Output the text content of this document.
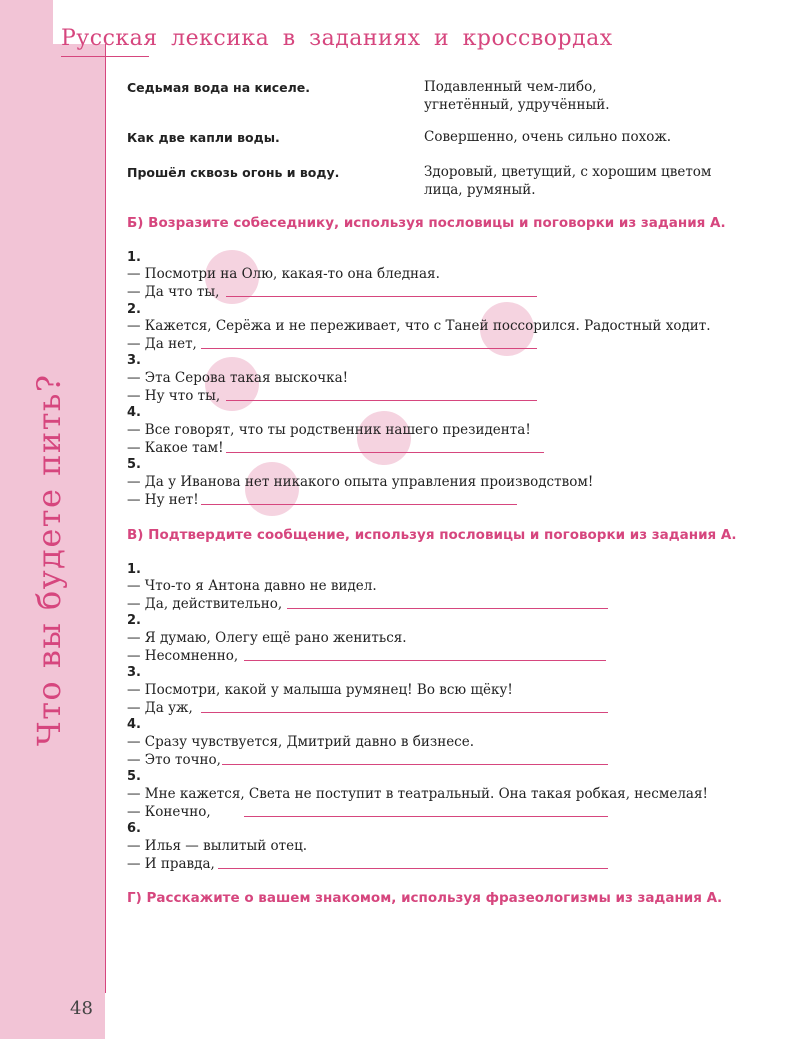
Что вы будете пить?
48
Русская лексика в заданиях и кроссвордах
Седьмая вода на киселе.	Подавленный чем-либо, угнетённый, удручённый.
Как две капли воды.	Совершенно, очень сильно похож.
Прошёл сквозь огонь и воду.	Здоровый, цветущий, с хорошим цветом лица, румяный.
Б) Возразите собеседнику, используя пословицы и поговорки из задания А.
1.
— Посмотри на Олю, какая-то она бледная.
— Да что ты,
2.
— Кажется, Серёжа и не переживает, что с Таней поссорился. Радостный ходит.
— Да нет,
3.
— Эта Серова такая выскочка!
— Ну что ты,
4.
— Все говорят, что ты родственник нашего президента!
— Какое там!
5.
— Да у Иванова нет никакого опыта управления производством!
— Ну нет!
В) Подтвердите сообщение, используя пословицы и поговорки из задания А.
1.
— Что-то я Антона давно не видел.
— Да, действительно,
2.
— Я думаю, Олегу ещё рано жениться.
— Несомненно,
3.
— Посмотри, какой у малыша румянец! Во всю щёку!
— Да уж,
4.
— Сразу чувствуется, Дмитрий давно в бизнесе.
— Это точно,
5.
— Мне кажется, Света не поступит в театральный. Она такая робкая, несмелая!
— Конечно,
6.
— Илья — вылитый отец.
— И правда,
Г) Расскажите о вашем знакомом, используя фразеологизмы из задания А.
